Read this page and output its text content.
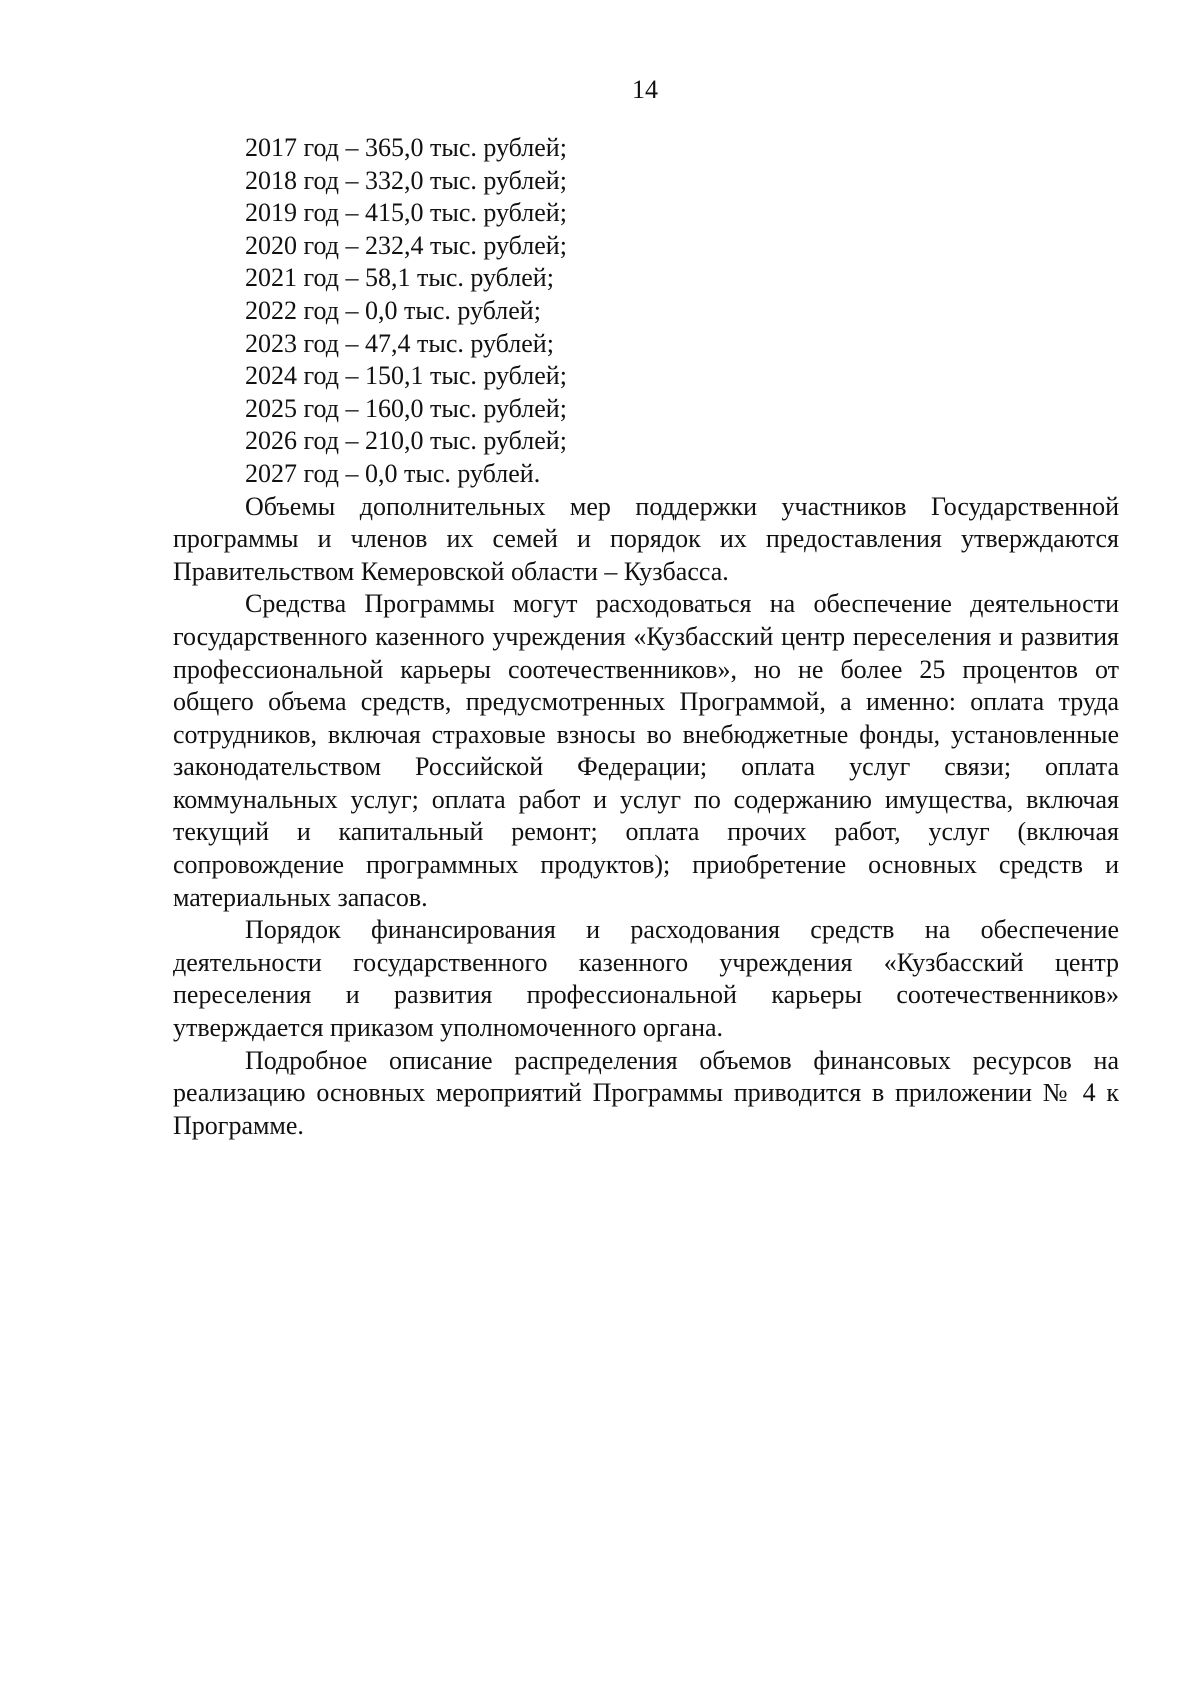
14
2017 год – 365,0 тыс. рублей;
2018 год – 332,0 тыс. рублей;
2019 год – 415,0 тыс. рублей;
2020 год – 232,4 тыс. рублей;
2021 год – 58,1 тыс. рублей;
2022 год – 0,0 тыс. рублей;
2023 год – 47,4 тыс. рублей;
2024 год – 150,1 тыс. рублей;
2025 год – 160,0 тыс. рублей;
2026 год – 210,0 тыс. рублей;
2027 год – 0,0 тыс. рублей.

Объемы дополнительных мер поддержки участников Государственной программы и членов их семей и порядок их предоставления утверждаются Правительством Кемеровской области – Кузбасса.

Средства Программы могут расходоваться на обеспечение деятельности государственного казенного учреждения «Кузбасский центр переселения и развития профессиональной карьеры соотечественников», но не более 25 процентов от общего объема средств, предусмотренных Программой, а именно: оплата труда сотрудников, включая страховые взносы во внебюджетные фонды, установленные законодательством Российской Федерации; оплата услуг связи; оплата коммунальных услуг; оплата работ и услуг по содержанию имущества, включая текущий и капитальный ремонт; оплата прочих работ, услуг (включая сопровождение программных продуктов); приобретение основных средств и материальных запасов.

Порядок финансирования и расходования средств на обеспечение деятельности государственного казенного учреждения «Кузбасский центр переселения и развития профессиональной карьеры соотечественников» утверждается приказом уполномоченного органа.

Подробное описание распределения объемов финансовых ресурсов на реализацию основных мероприятий Программы приводится в приложении № 4 к Программе.
